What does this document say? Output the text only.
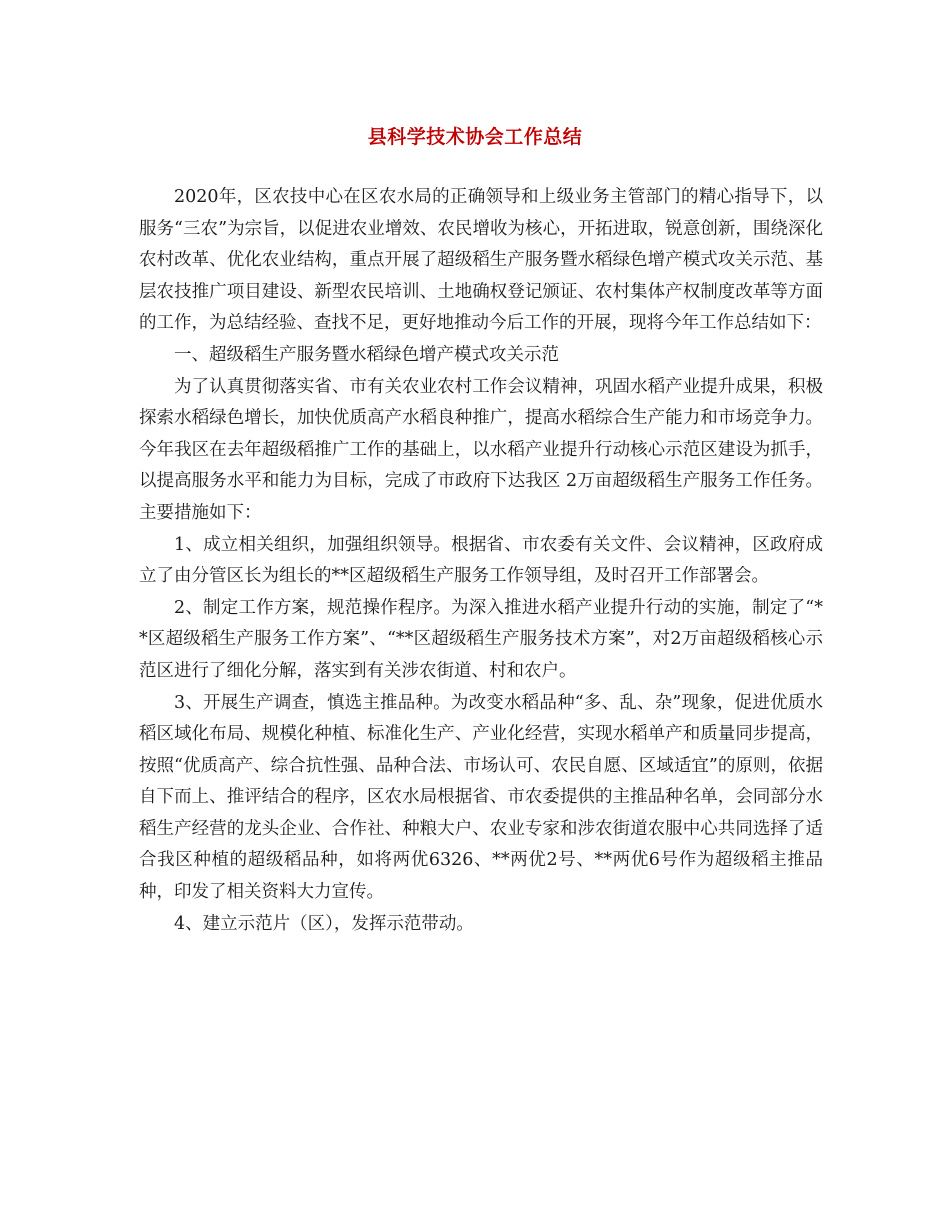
县科学技术协会工作总结

2020年，区农技中心在区农水局的正确领导和上级业务主管部门的精心指导下，以服务“三农”为宗旨，以促进农业增效、农民增收为核心，开拓进取，锐意创新，围绕深化农村改革、优化农业结构，重点开展了超级稻生产服务暨水稻绿色增产模式攻关示范、基层农技推广项目建设、新型农民培训、土地确权登记颁证、农村集体产权制度改革等方面的工作，为总结经验、查找不足，更好地推动今后工作的开展，现将今年工作总结如下：

一、超级稻生产服务暨水稻绿色增产模式攻关示范

为了认真贯彻落实省、市有关农业农村工作会议精神，巩固水稻产业提升成果，积极探索水稻绿色增长，加快优质高产水稻良种推广，提高水稻综合生产能力和市场竞争力。今年我区在去年超级稻推广工作的基础上，以水稻产业提升行动核心示范区建设为抓手，以提高服务水平和能力为目标，完成了市政府下达我区 2万亩超级稻生产服务工作任务。主要措施如下：

1、成立相关组织，加强组织领导。根据省、市农委有关文件、会议精神，区政府成立了由分管区长为组长的**区超级稻生产服务工作领导组，及时召开工作部署会。

2、制定工作方案，规范操作程序。为深入推进水稻产业提升行动的实施，制定了“**区超级稻生产服务工作方案”、“**区超级稻生产服务技术方案”，对2万亩超级稻核心示范区进行了细化分解，落实到有关涉农街道、村和农户。

3、开展生产调查，慎选主推品种。为改变水稻品种“多、乱、杂”现象，促进优质水稻区域化布局、规模化种植、标准化生产、产业化经营，实现水稻单产和质量同步提高，按照“优质高产、综合抗性强、品种合法、市场认可、农民自愿、区域适宜”的原则，依据自下而上、推评结合的程序，区农水局根据省、市农委提供的主推品种名单，会同部分水稻生产经营的龙头企业、合作社、种粮大户、农业专家和涉农街道农服中心共同选择了适合我区种植的超级稻品种，如将两优6326、**两优2号、**两优6号作为超级稻主推品种，印发了相关资料大力宣传。

4、建立示范片（区），发挥示范带动。
